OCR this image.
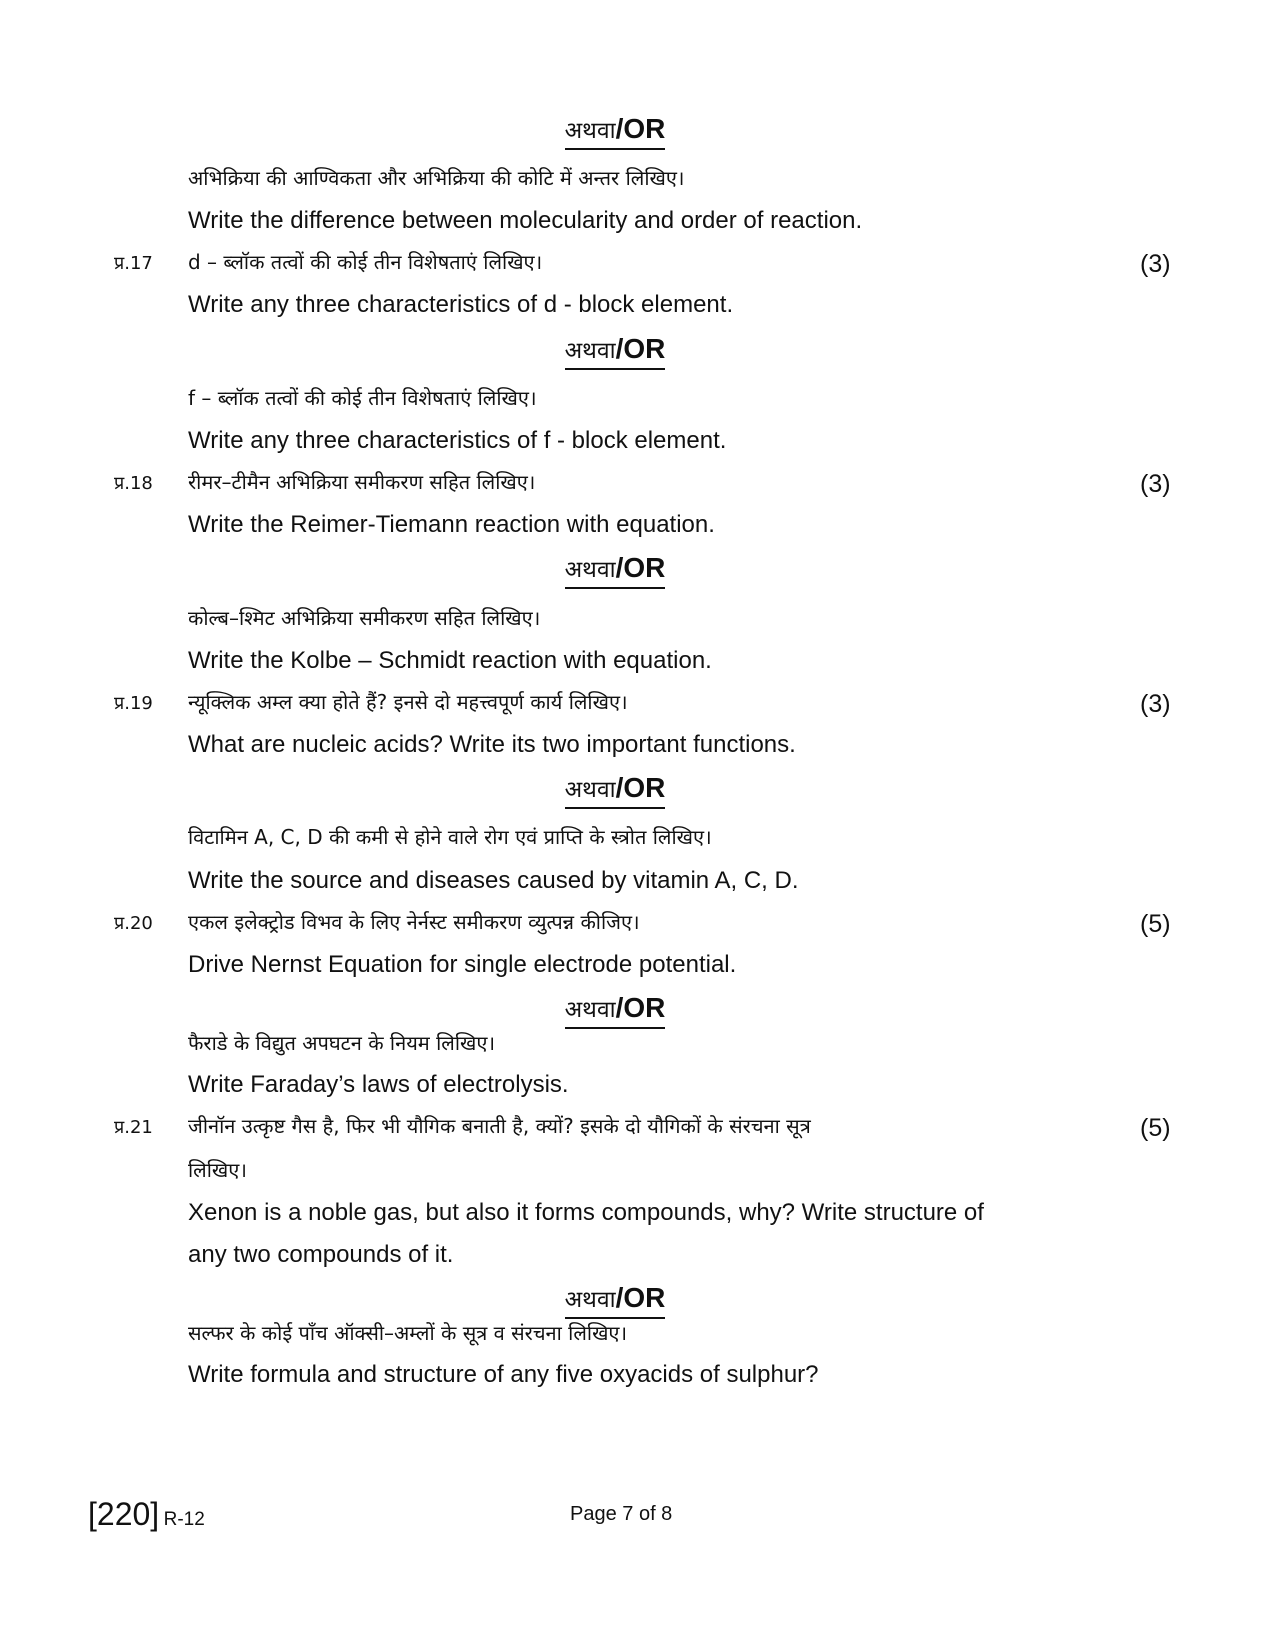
अथवा/OR
अभिक्रिया की आण्विकता और अभिक्रिया की कोटि में अन्तर लिखिए।
Write the difference between molecularity and order of reaction.
प्र.17 d – ब्लॉक तत्वों की कोई तीन विशेषताएं लिखिए।	(3)
Write any three characteristics of d - block element.
अथवा/OR
f – ब्लॉक तत्वों की कोई तीन विशेषताएं लिखिए।
Write any three characteristics of f - block element.
प्र.18 रीमर–टीमैन अभिक्रिया समीकरण सहित लिखिए।	(3)
Write the Reimer-Tiemann reaction with equation.
अथवा/OR
कोल्ब–श्मिट अभिक्रिया समीकरण सहित लिखिए।
Write the Kolbe – Schmidt reaction with equation.
प्र.19 न्यूक्लिक अम्ल क्या होते हैं? इनसे दो महत्त्वपूर्ण कार्य लिखिए।	(3)
What are nucleic acids? Write its two important functions.
अथवा/OR
विटामिन A, C, D की कमी से होने वाले रोग एवं प्राप्ति के स्त्रोत लिखिए।
Write the source and diseases caused by vitamin A, C, D.
प्र.20 एकल इलेक्ट्रोड विभव के लिए नेर्नस्ट समीकरण व्युत्पन्न कीजिए।	(5)
Drive Nernst Equation for single electrode potential.
अथवा/OR
फैराडे के विद्युत अपघटन के नियम लिखिए।
Write Faraday’s laws of electrolysis.
प्र.21 जीनॉन उत्कृष्ट गैस है, फिर भी यौगिक बनाती है, क्यों? इसके दो यौगिकों के संरचना सूत्र	(5)
लिखिए।
Xenon is a noble gas, but also it forms compounds, why? Write structure of
any two compounds of it.
अथवा/OR
सल्फर के कोई पाँच ऑक्सी–अम्लों के सूत्र व संरचना लिखिए।
Write formula and structure of any five oxyacids of sulphur?
[220] R-12	Page 7 of 8
